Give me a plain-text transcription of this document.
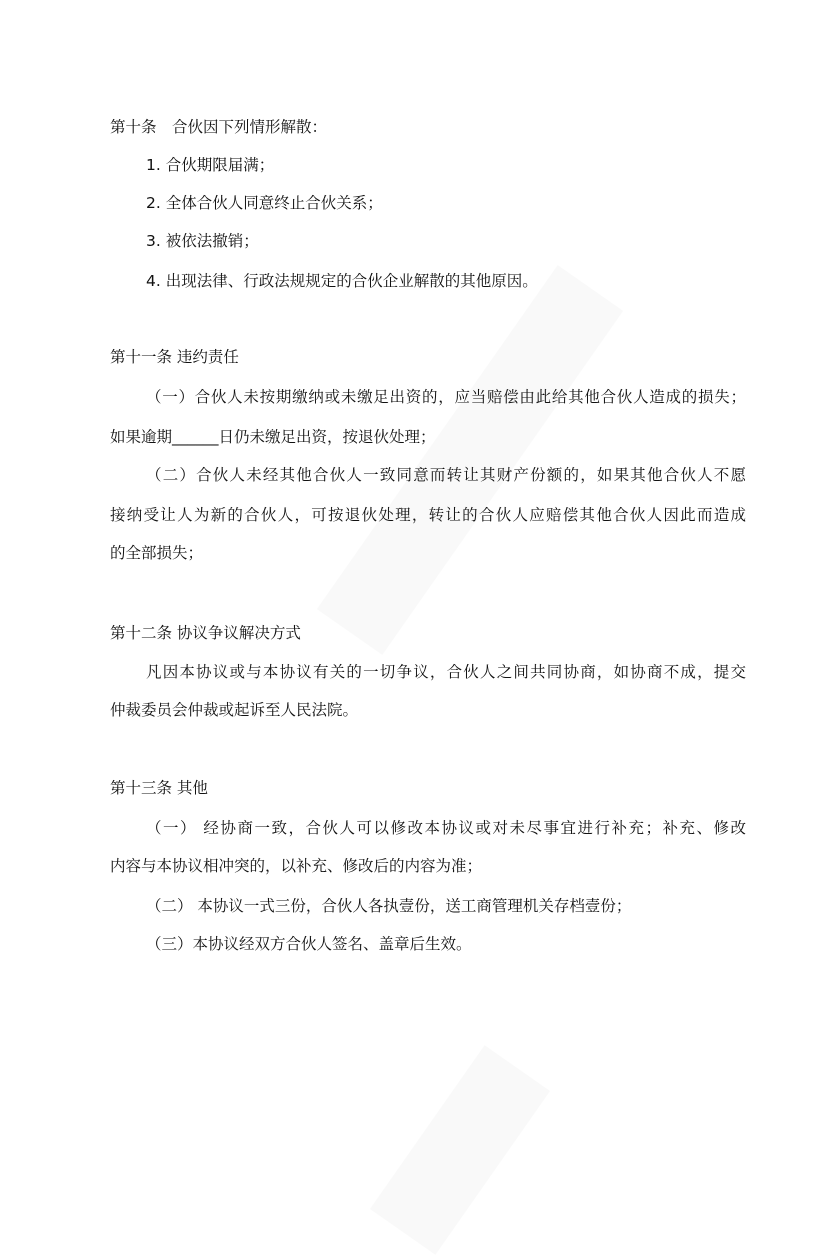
第十条　合伙因下列情形解散：
1. 合伙期限届满；
2. 全体合伙人同意终止合伙关系；
3. 被依法撤销；
4. 出现法律、行政法规规定的合伙企业解散的其他原因。
第十一条 违约责任
（一）合伙人未按期缴纳或未缴足出资的，应当赔偿由此给其他合伙人造成的损失；
如果逾期______日仍未缴足出资，按退伙处理；
（二）合伙人未经其他合伙人一致同意而转让其财产份额的，如果其他合伙人不愿
接纳受让人为新的合伙人，可按退伙处理，转让的合伙人应赔偿其他合伙人因此而造成
的全部损失；
第十二条 协议争议解决方式
凡因本协议或与本协议有关的一切争议，合伙人之间共同协商，如协商不成，提交
仲裁委员会仲裁或起诉至人民法院。
第十三条 其他
（一） 经协商一致，合伙人可以修改本协议或对未尽事宜进行补充；补充、修改
内容与本协议相冲突的，以补充、修改后的内容为准；
（二） 本协议一式三份，合伙人各执壹份，送工商管理机关存档壹份；
（三）本协议经双方合伙人签名、盖章后生效。
